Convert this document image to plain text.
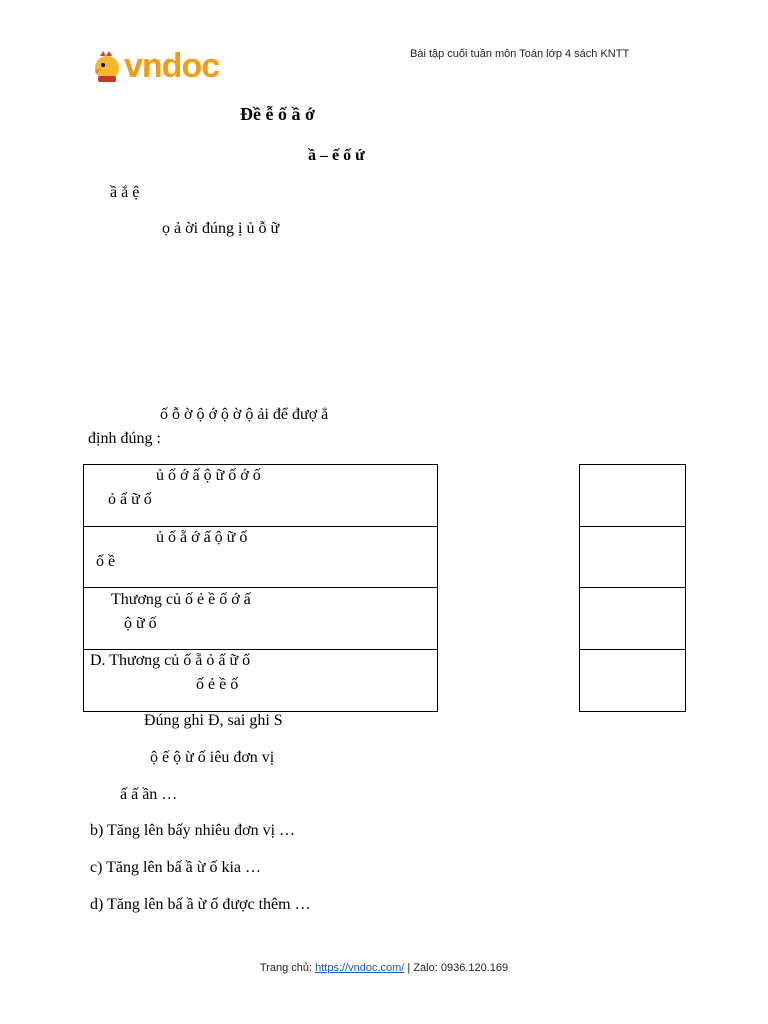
vndoc	Bài tập cuối tuần môn Toán lớp 4 sách KNTT
Đề ễ ố ầ ớ
ầ – ế ố ứ
ầ ắ ệ
ọ ả ời đúng ị ủ ỗ ữ
ố ỗ ờ ộ ớ ộ ờ ộ ải để đượ ẳ
định đúng :
ủ ố ớ ấ ộ ữ ố ớ ố
ỏ ấ ữ ố
ủ ố ẵ ớ ấ ộ ữ ố
ố ề
Thương củ ố ẻ ề ố ớ ấ
ộ ữ ố
D. Thương củ ố ẵ ỏ ấ ữ ố
ố ẻ ề ố
Đúng ghi Đ, sai ghi S
ộ ế ộ ừ ố iêu đơn vị
ấ ấ ần …
b) Tăng lên bấy nhiêu đơn vị …
c) Tăng lên bấ ầ ừ ố kia …
d) Tăng lên bấ ầ ừ ố được thêm …
Trang chủ: https://vndoc.com/ | Zalo: 0936.120.169
